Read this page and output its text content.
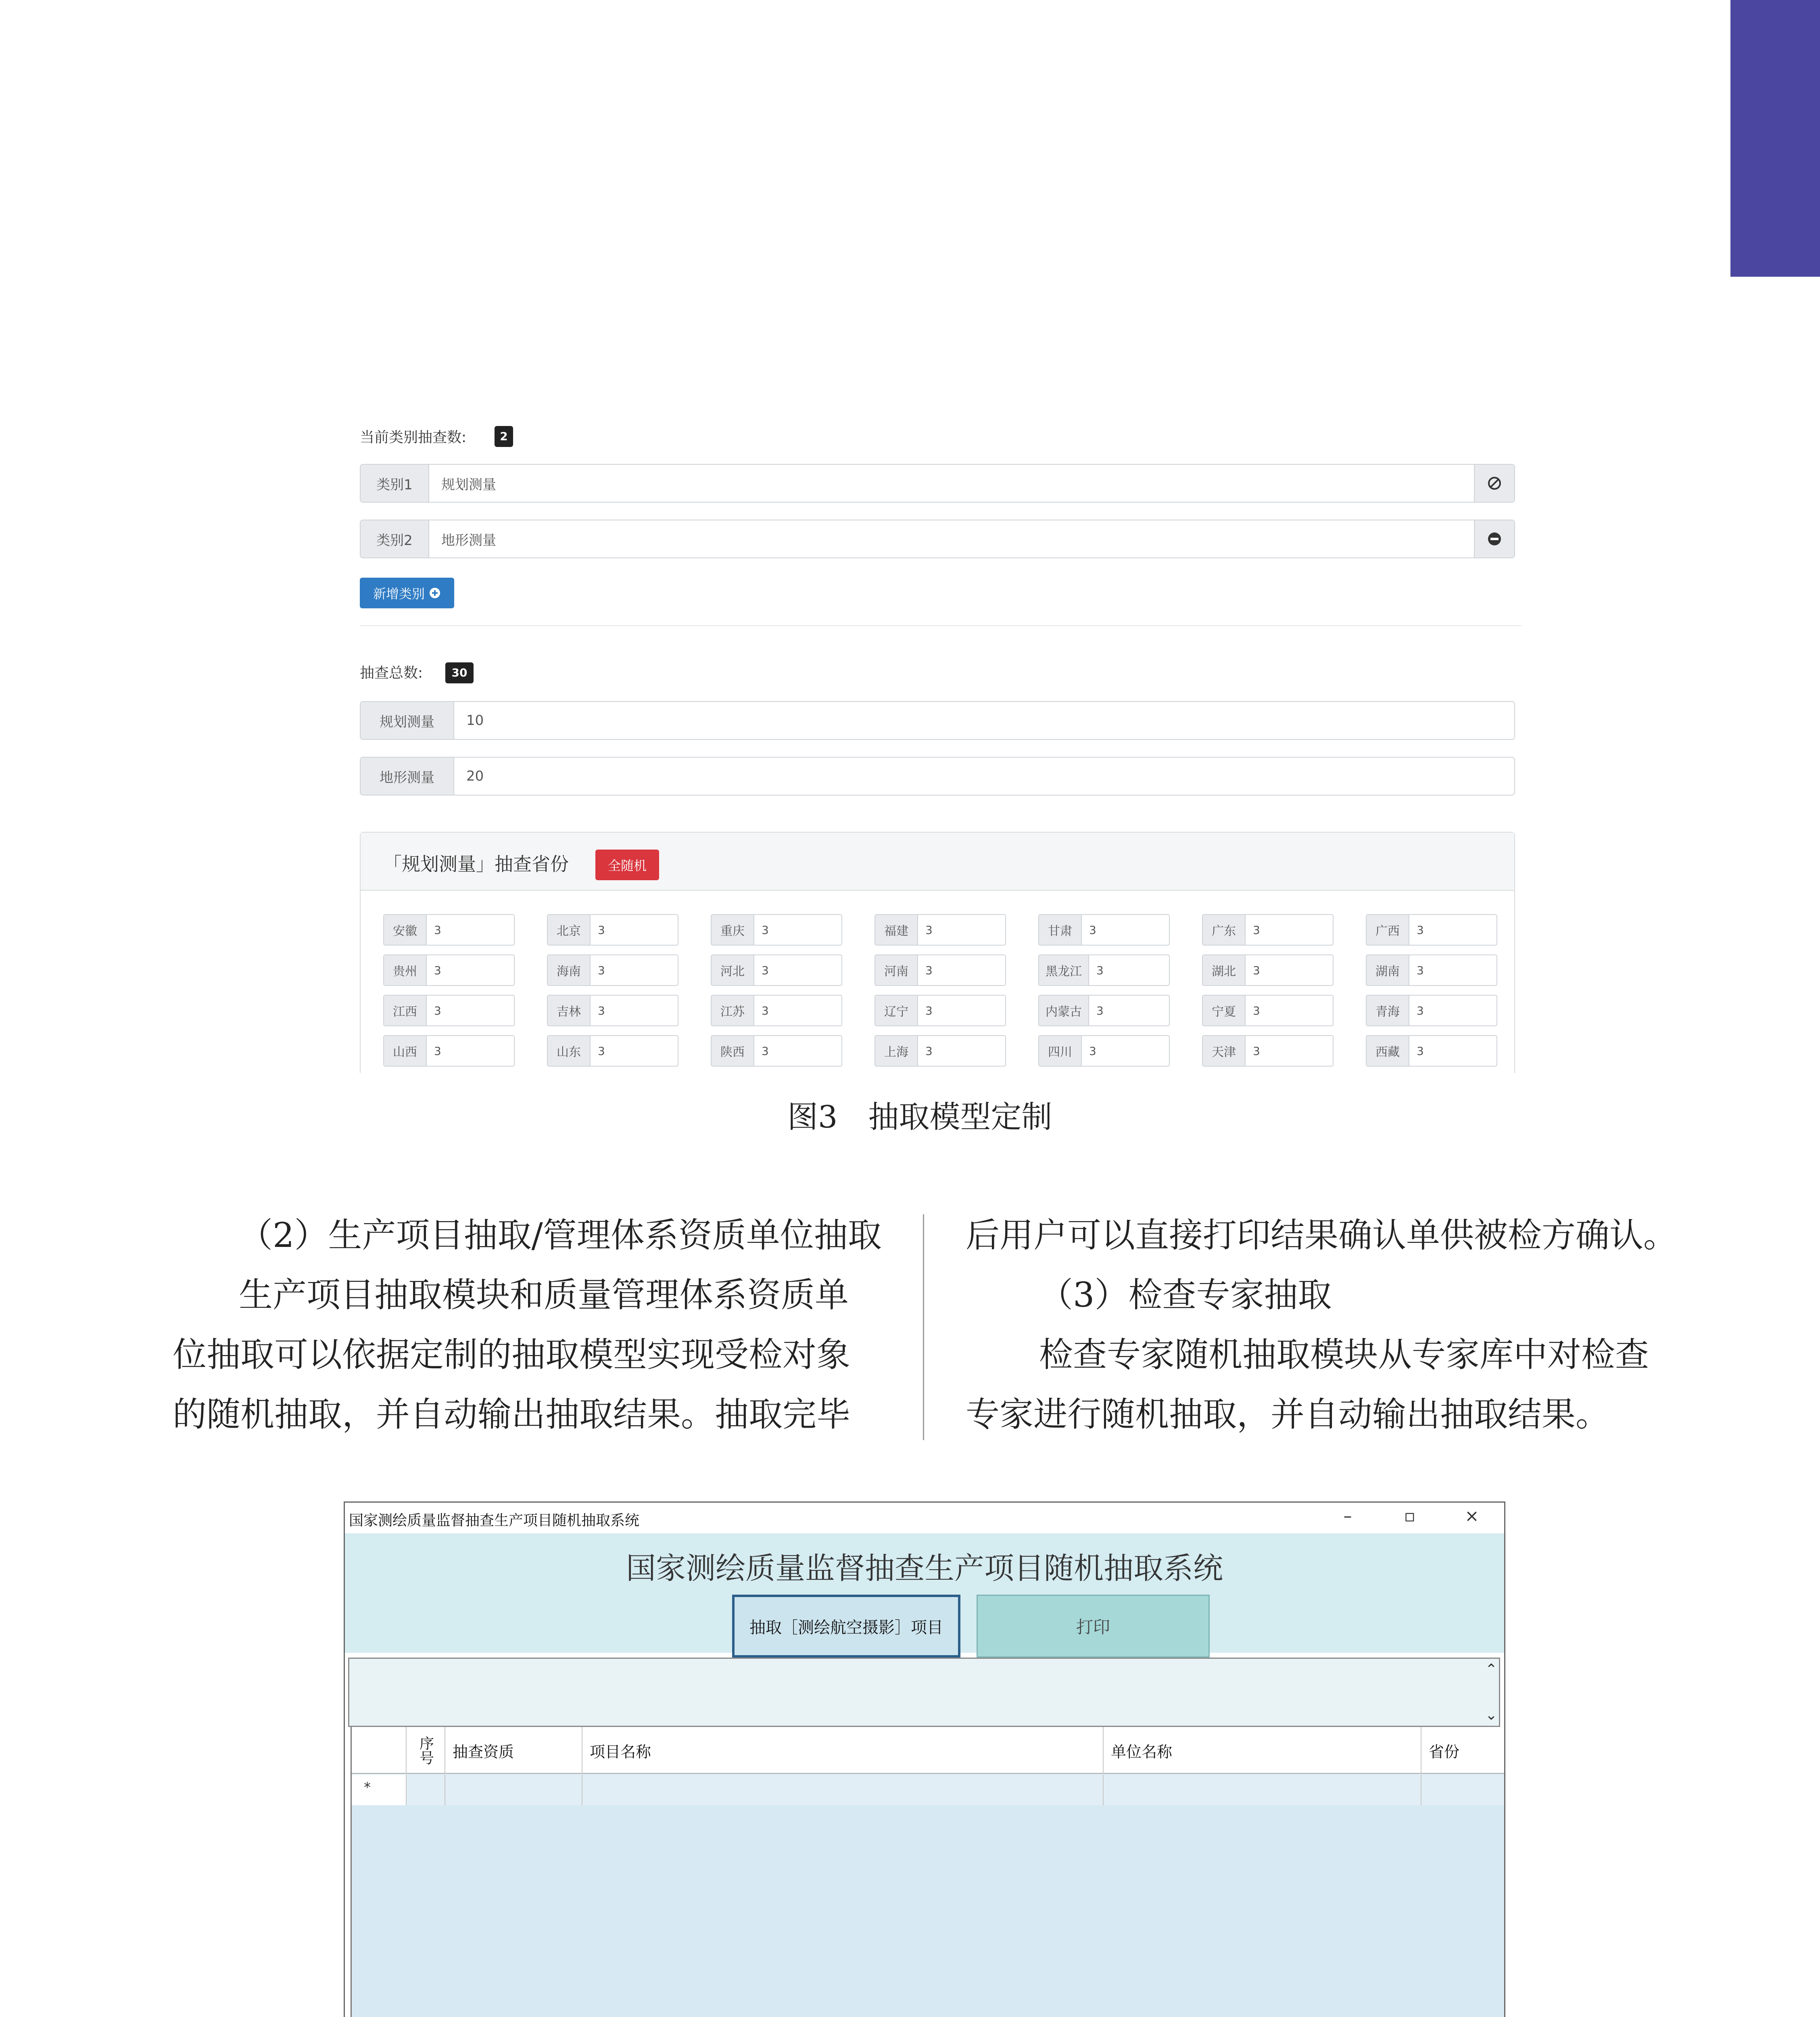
当前类别抽查数:	2
类别1	规划测量
类别2	地形测量
新增类别
抽查总数:	30
规划测量	10
地形测量	20
「规划测量」抽查省份	全随机
安徽	3	北京	3	重庆	3	福建	3	甘肃	3	广东	3	广西	3
贵州	3	海南	3	河北	3	河南	3	黑龙江	3	湖北	3	湖南	3
江西	3	吉林	3	江苏	3	辽宁	3	内蒙古	3	宁夏	3	青海	3
山西	3	山东	3	陕西	3	上海	3	四川	3	天津	3	西藏	3
图3　抽取模型定制
（2）生产项目抽取/管理体系资质单位抽取
生产项目抽取模块和质量管理体系资质单
位抽取可以依据定制的抽取模型实现受检对象
的随机抽取，并自动输出抽取结果。抽取完毕
后用户可以直接打印结果确认单供被检方确认。
（3）检查专家抽取
检查专家随机抽取模块从专家库中对检查
专家进行随机抽取，并自动输出抽取结果。
国家测绘质量监督抽查生产项目随机抽取系统	–	▫	×
国家测绘质量监督抽查生产项目随机抽取系统
抽取［测绘航空摄影］项目	打印
⌃
⌄
序号	抽查资质	项目名称	单位名称	省份
*
